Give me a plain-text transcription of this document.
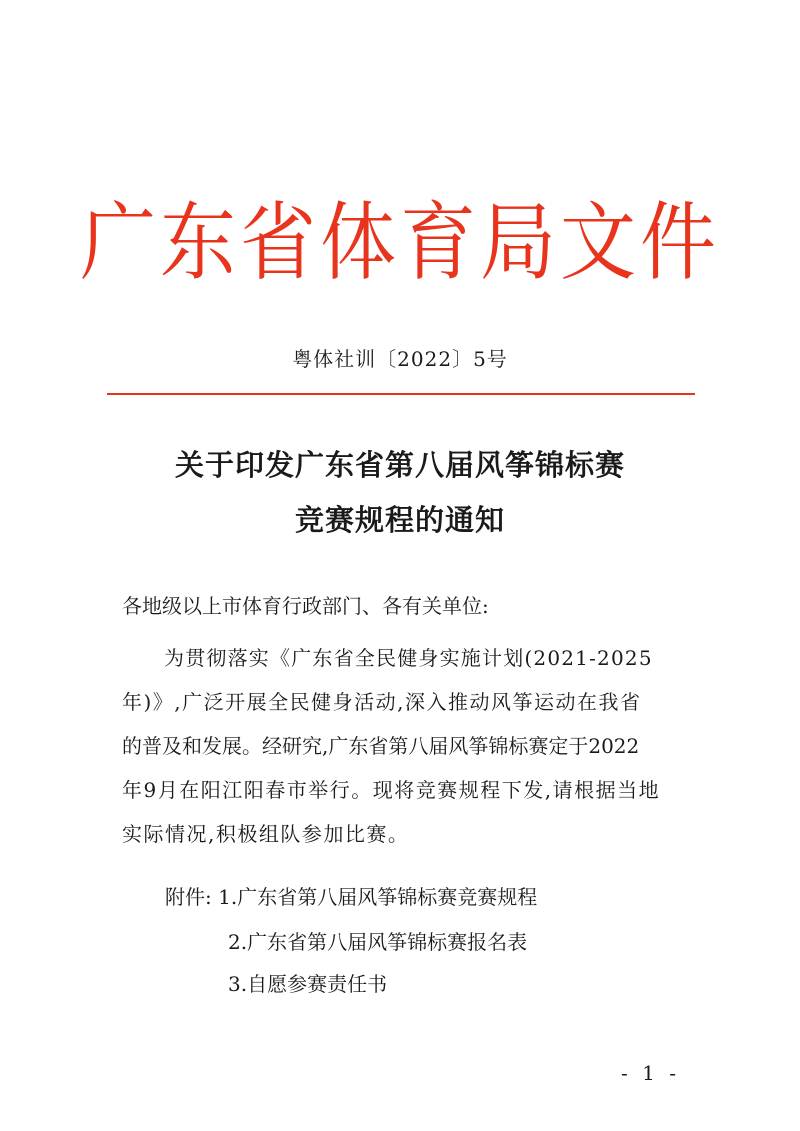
广东省体育局文件
粤体社训〔2022〕5号
关于印发广东省第八届风筝锦标赛
竞赛规程的通知
各地级以上市体育行政部门、各有关单位:

为贯彻落实《广东省全民健身实施计划(2021-2025
年)》,广泛开展全民健身活动,深入推动风筝运动在我省
的普及和发展。经研究,广东省第八届风筝锦标赛定于2022
年9月在阳江阳春市举行。现将竞赛规程下发,请根据当地
实际情况,积极组队参加比赛。

附件: 1.广东省第八届风筝锦标赛竞赛规程
2.广东省第八届风筝锦标赛报名表
3.自愿参赛责任书
- 1 -
